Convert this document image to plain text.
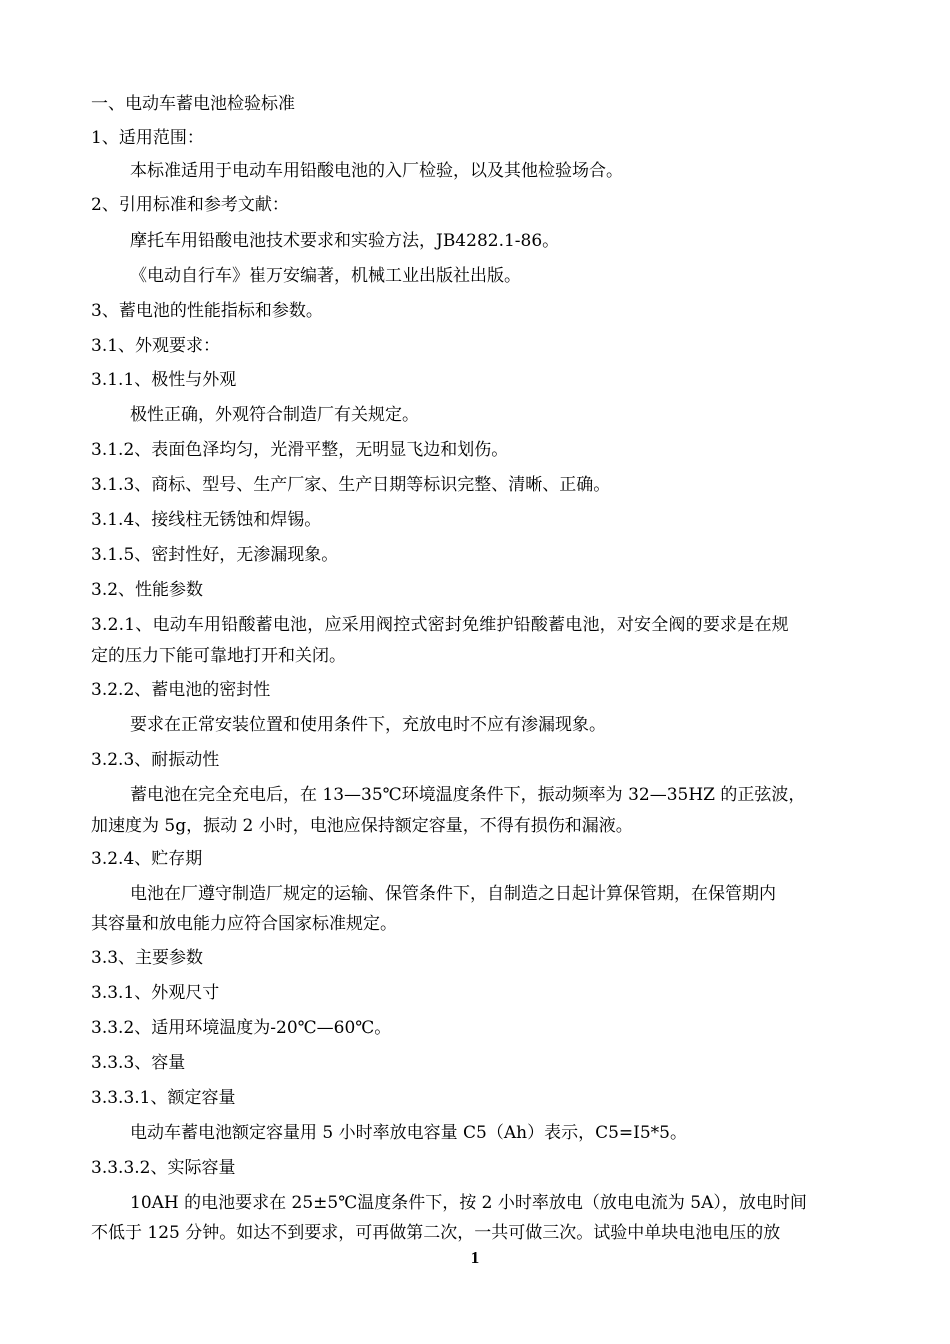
一、电动车蓄电池检验标准
1、适用范围：
本标准适用于电动车用铅酸电池的入厂检验，以及其他检验场合。
2、引用标准和参考文献：
摩托车用铅酸电池技术要求和实验方法，JB4282.1-86。
《电动自行车》崔万安编著，机械工业出版社出版。
3、蓄电池的性能指标和参数。
3.1、外观要求：
3.1.1、极性与外观
极性正确，外观符合制造厂有关规定。
3.1.2、表面色泽均匀，光滑平整，无明显飞边和划伤。
3.1.3、商标、型号、生产厂家、生产日期等标识完整、清晰、正确。
3.1.4、接线柱无锈蚀和焊锡。
3.1.5、密封性好，无渗漏现象。
3.2、性能参数
3.2.1、电动车用铅酸蓄电池，应采用阀控式密封免维护铅酸蓄电池，对安全阀的要求是在规
定的压力下能可靠地打开和关闭。
3.2.2、蓄电池的密封性
要求在正常安装位置和使用条件下，充放电时不应有渗漏现象。
3.2.3、耐振动性
蓄电池在完全充电后，在 13—35℃环境温度条件下，振动频率为 32—35HZ 的正弦波，
加速度为 5g，振动 2 小时，电池应保持额定容量，不得有损伤和漏液。
3.2.4、贮存期
电池在厂遵守制造厂规定的运输、保管条件下，自制造之日起计算保管期，在保管期内
其容量和放电能力应符合国家标准规定。
3.3、主要参数
3.3.1、外观尺寸
3.3.2、适用环境温度为-20℃—60℃。
3.3.3、容量
3.3.3.1、额定容量
电动车蓄电池额定容量用 5 小时率放电容量 C5（Ah）表示，C5=I5*5。
3.3.3.2、实际容量
10AH 的电池要求在 25±5℃温度条件下，按 2 小时率放电（放电电流为 5A），放电时间
不低于 125 分钟。如达不到要求，可再做第二次，一共可做三次。试验中单块电池电压的放
1
